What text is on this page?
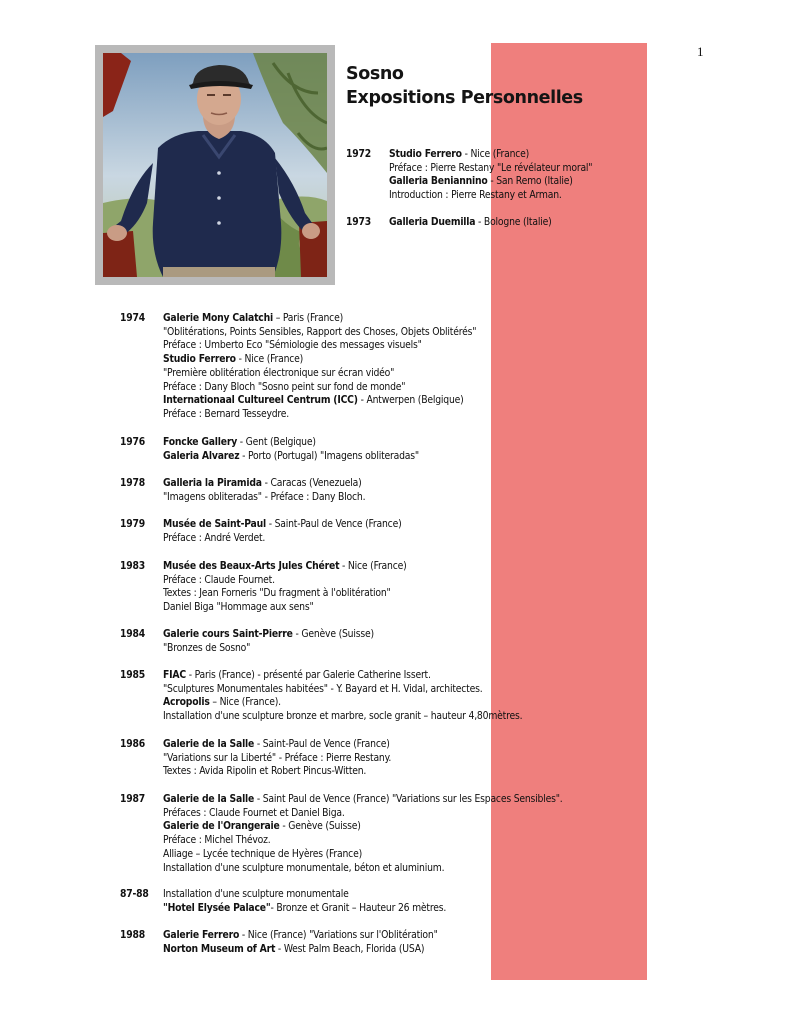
1
Sosno
Expositions Personnelles
1972 Studio Ferrero - Nice (France)
Préface : Pierre Restany "Le révélateur moral"
Galleria Beniannino - San Remo (Italie)
Introduction : Pierre Restany et Arman.
1973 Galleria Duemilla - Bologne (Italie)
1974 Galerie Mony Calatchi – Paris (France)
"Oblitérations, Points Sensibles, Rapport des Choses, Objets Oblitérés"
Préface : Umberto Eco "Sémiologie des messages visuels"
Studio Ferrero - Nice (France)
"Première oblitération électronique sur écran vidéo"
Préface : Dany Bloch "Sosno peint sur fond de monde"
Internationaal Cultureel Centrum (ICC) - Antwerpen (Belgique)
Préface : Bernard Tesseydre.
1976 Foncke Gallery - Gent (Belgique)
Galeria Alvarez - Porto (Portugal) "Imagens obliteradas"
1978 Galleria la Piramida - Caracas (Venezuela)
"Imagens obliteradas" - Préface : Dany Bloch.
1979 Musée de Saint-Paul - Saint-Paul de Vence (France)
Préface : André Verdet.
1983 Musée des Beaux-Arts Jules Chéret - Nice (France)
Préface : Claude Fournet.
Textes : Jean Forneris "Du fragment à l'oblitération"
Daniel Biga "Hommage aux sens"
1984 Galerie cours Saint-Pierre - Genève (Suisse)
"Bronzes de Sosno"
1985 FIAC - Paris (France) - présenté par Galerie Catherine Issert.
"Sculptures Monumentales habitées" - Y. Bayard et H. Vidal, architectes.
Acropolis – Nice (France).
Installation d'une sculpture bronze et marbre, socle granit – hauteur 4,80mètres.
1986 Galerie de la Salle - Saint-Paul de Vence (France)
"Variations sur la Liberté" - Préface : Pierre Restany.
Textes : Avida Ripolin et Robert Pincus-Witten.
1987 Galerie de la Salle - Saint Paul de Vence (France) "Variations sur les Espaces Sensibles".
Préfaces : Claude Fournet et Daniel Biga.
Galerie de l'Orangeraie - Genève (Suisse)
Préface : Michel Thévoz.
Alliage – Lycée technique de Hyères (France)
Installation d'une sculpture monumentale, béton et aluminium.
87-88 Installation d'une sculpture monumentale
"Hotel Elysée Palace"- Bronze et Granit – Hauteur 26 mètres.
1988 Galerie Ferrero - Nice (France) "Variations sur l'Oblitération"
Norton Museum of Art - West Palm Beach, Florida (USA)
